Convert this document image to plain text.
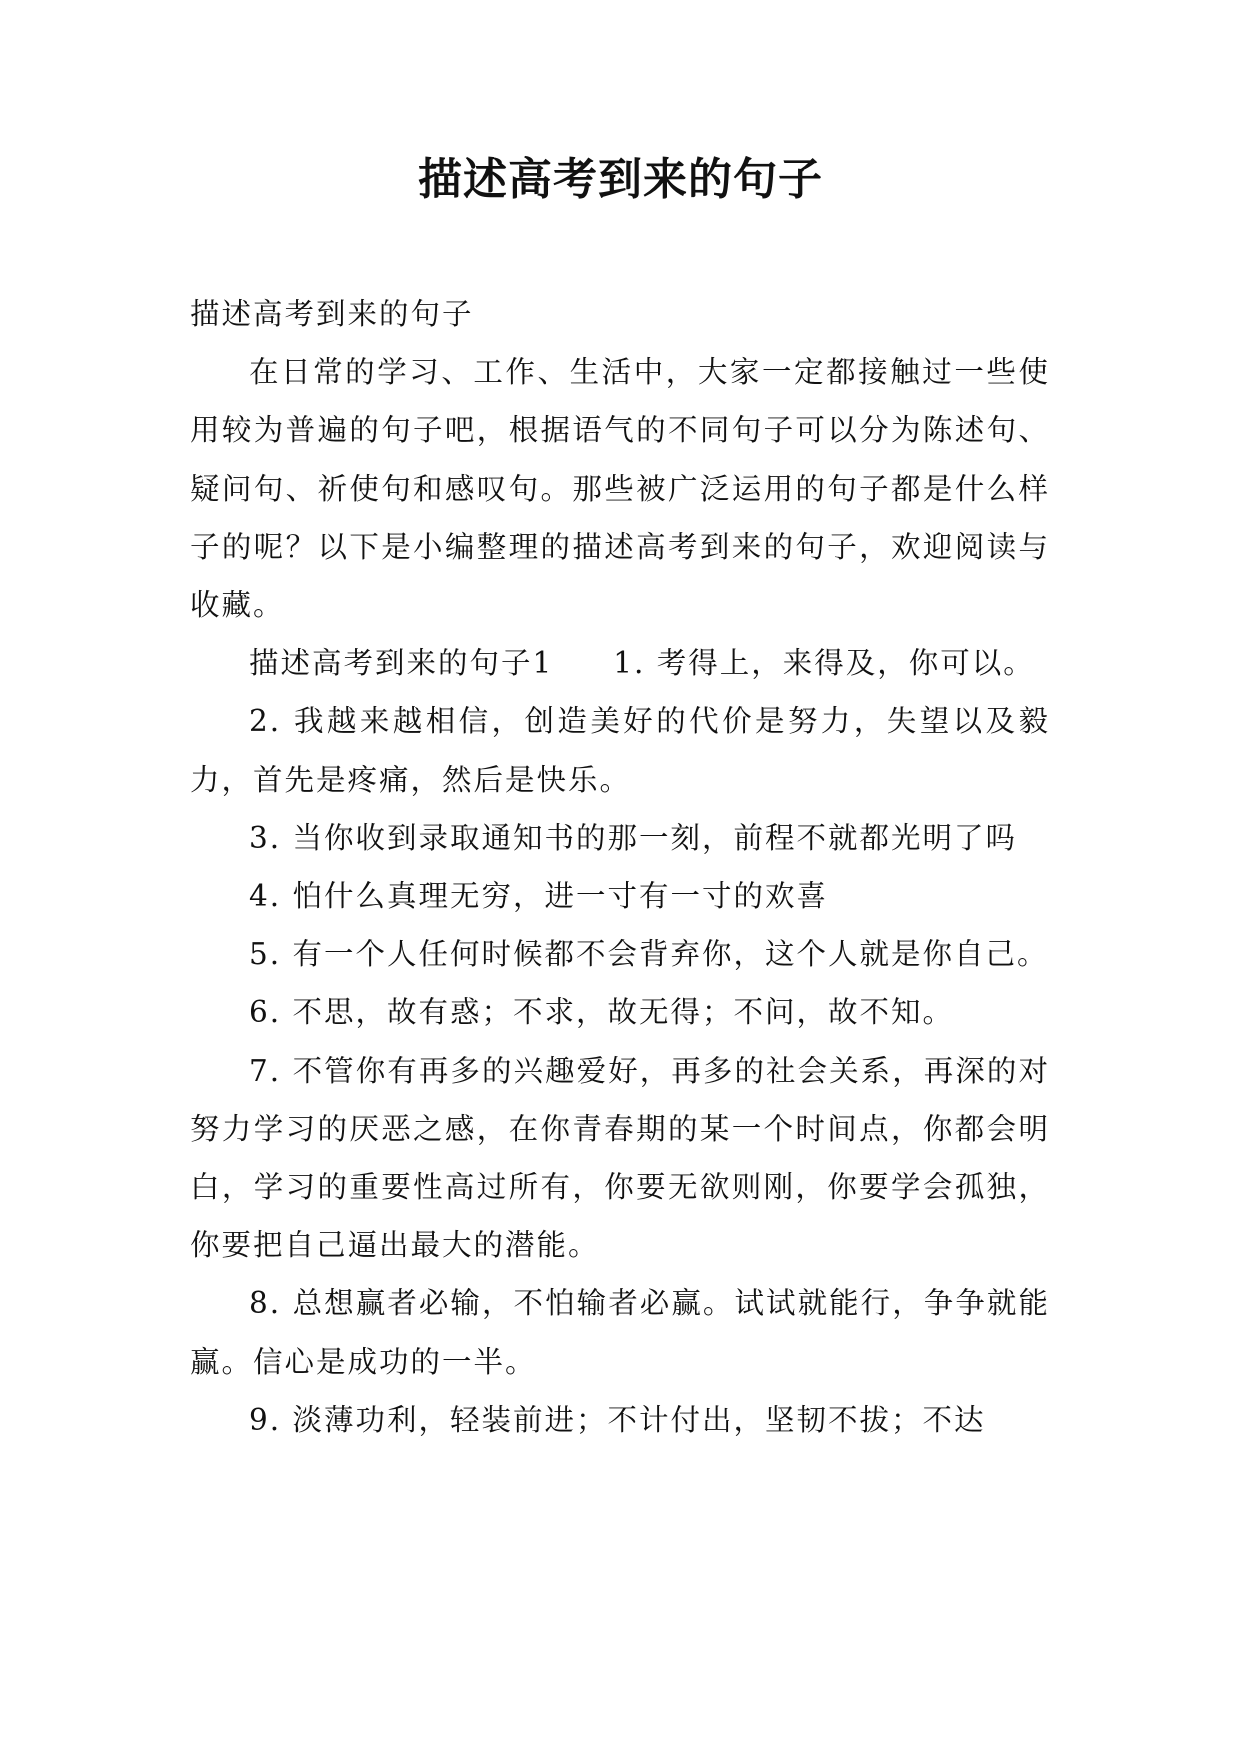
描述高考到来的句子

描述高考到来的句子

在日常的学习、工作、生活中，大家一定都接触过一些使用较为普遍的句子吧，根据语气的不同句子可以分为陈述句、疑问句、祈使句和感叹句。那些被广泛运用的句子都是什么样子的呢？以下是小编整理的描述高考到来的句子，欢迎阅读与收藏。

描述高考到来的句子1 1. 考得上，来得及，你可以。

2. 我越来越相信，创造美好的代价是努力，失望以及毅力，首先是疼痛，然后是快乐。

3. 当你收到录取通知书的那一刻，前程不就都光明了吗

4. 怕什么真理无穷，进一寸有一寸的欢喜

5. 有一个人任何时候都不会背弃你，这个人就是你自己。

6. 不思，故有惑；不求，故无得；不问，故不知。

7. 不管你有再多的兴趣爱好，再多的社会关系，再深的对努力学习的厌恶之感，在你青春期的某一个时间点，你都会明白，学习的重要性高过所有，你要无欲则刚，你要学会孤独，你要把自己逼出最大的潜能。

8. 总想赢者必输，不怕输者必赢。试试就能行，争争就能赢。信心是成功的一半。

9. 淡薄功利，轻装前进；不计付出，坚韧不拔；不达
